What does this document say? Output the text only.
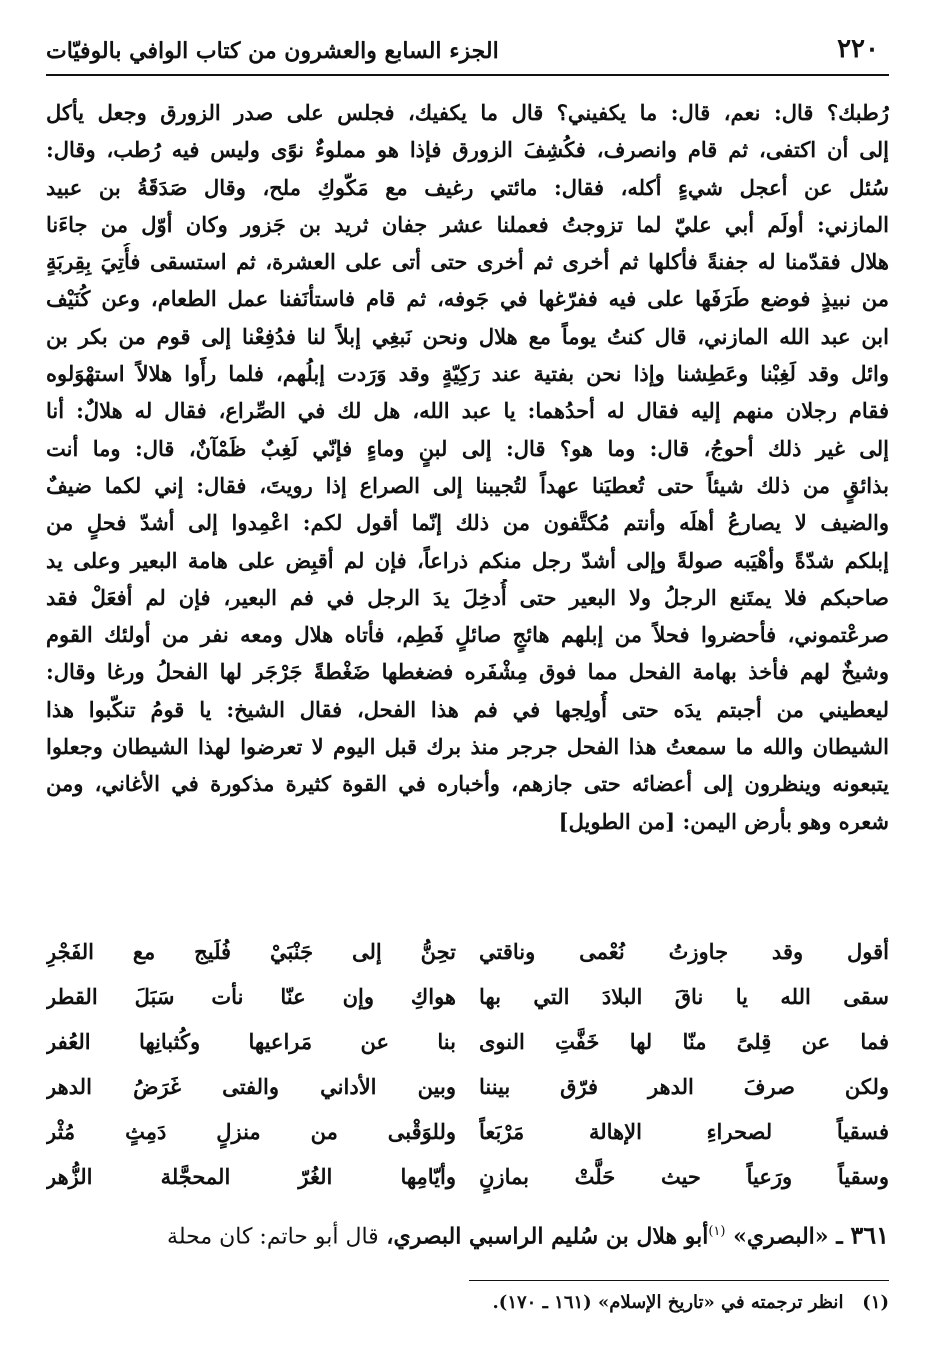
الجزء السابع والعشرون من كتاب الوافي بالوفيّات	٢٢٠
رُطبك؟ قال: نعم، قال: ما يكفيني؟ قال ما يكفيك، فجلس على صدر الزورق وجعل يأكل
إلى أن اكتفى، ثم قام وانصرف، فكُشِفَ الزورق فإذا هو مملوءٌ نوًى وليس فيه رُطب، وقال:
سُئل عن أعجل شيءٍ أكله، فقال: مائتي رغيف مع مَكّوكِ ملح، وقال صَدَقَةُ بن عبيد
المازني: أولَم أبي عليّ لما تزوجتُ فعملنا عشر جفان ثريد بن جَزور وكان أوّل من جاءَنا
هلال فقدّمنا له جفنةً فأكلها ثم أخرى ثم أخرى حتى أتى على العشرة، ثم استسقى فأُتِيَ بِقِربَةٍ
من نبيذٍ فوضع طَرَفَها على فيه ففرّغها في جَوفه، ثم قام فاستأنَفنا عمل الطعام، وعن كُنَيْف
ابن عبد الله المازني، قال كنتُ يوماً مع هلال ونحن نَبغِي إبلاً لنا فدُفِعْنا إلى قوم من بكر بن
وائل وقد لَغِبْنا وعَطِشنا وإذا نحن بفتية عند رَكِيّةٍ وقد وَرَدت إبلُهم، فلما رأَوا هلالاً استهْوَلوه
فقام رجلان منهم إليه فقال له أحدُهما: يا عبد الله، هل لك في الصِّراع، فقال له هلالٌ: أنا
إلى غير ذلك أحوجُ، قال: وما هو؟ قال: إلى لبنٍ وماءٍ فإنّي لَغِبٌ ظَمْآنٌ، قال: وما أنت
بذائقٍ من ذلك شيئاً حتى تُعطيَنا عهداً لتُجيبنا إلى الصراع إذا رويتَ، فقال: إني لكما ضيفٌ
والضيف لا يصارعُ أهلَه وأنتم مُكتَّفون من ذلك إنّما أقول لكم: اعْمِدوا إلى أشدّ فحلٍ من
إبلكم شدّةً وأهْيَبه صولةً وإلى أشدّ رجل منكم ذراعاً، فإن لم أقبِض على هامة البعير وعلى يد
صاحبكم فلا يمتَنع الرجلُ ولا البعير حتى أُدخِلَ يدَ الرجل في فم البعير، فإن لم أفعَلْ فقد
صرعْتموني، فأحضروا فحلاً من إبلهم هائجٍ صائلٍ فَطِم، فأتاه هلال ومعه نفر من أولئك القوم
وشيخٌ لهم فأخذ بهامة الفحل مما فوق مِشْفَره فضغطها ضَغْطةً جَرْجَر لها الفحلُ ورغا وقال:
ليعطيني من أجبتم يدَه حتى أُولِجها في فم هذا الفحل، فقال الشيخ: يا قومُ تنكّبوا هذا
الشيطان والله ما سمعتُ هذا الفحل جرجر منذ برك قبل اليوم لا تعرضوا لهذا الشيطان وجعلوا
يتبعونه وينظرون إلى أعضائه حتى جازهم، وأخباره في القوة كثيرة مذكورة في الأغاني، ومن
شعره وهو بأرض اليمن: [من الطويل]
أقول وقد جاوزتُ نُعْمى وناقتي
تحِنُّ إلى جَنْبَيْ فُلَيج مع الفَجْرِ
سقى الله يا ناقَ البلادَ التي بها
هواكِ وإن عنّا نأت سَبَلَ القطر
فما عن قِلىً منّا لها خَفَّتِ النوى
بنا عن مَراعيها وكُثبانِها العُفر
ولكن صرفَ الدهر فرّق بيننا
وبين الأداني والفتى غَرَضُ الدهر
فسقياً لصحراءِ الإهالة مَرْبَعاً
وللوَقْبى من منزلٍ دَمِثٍ مُثْر
وسقياً ورَعياً حيث حَلَّتْ بمازنٍ
وأيّامِها الغُرّ المحجَّلة الزُّهر
٣٦١ ـ «البصري» $^{(١)}$أبو هلال بن سُليم الراسبي البصري، قال أبو حاتم: كان محلة
(١)   انظر ترجمته في «تاريخ الإسلام» (١٦١ ـ ١٧٠).
